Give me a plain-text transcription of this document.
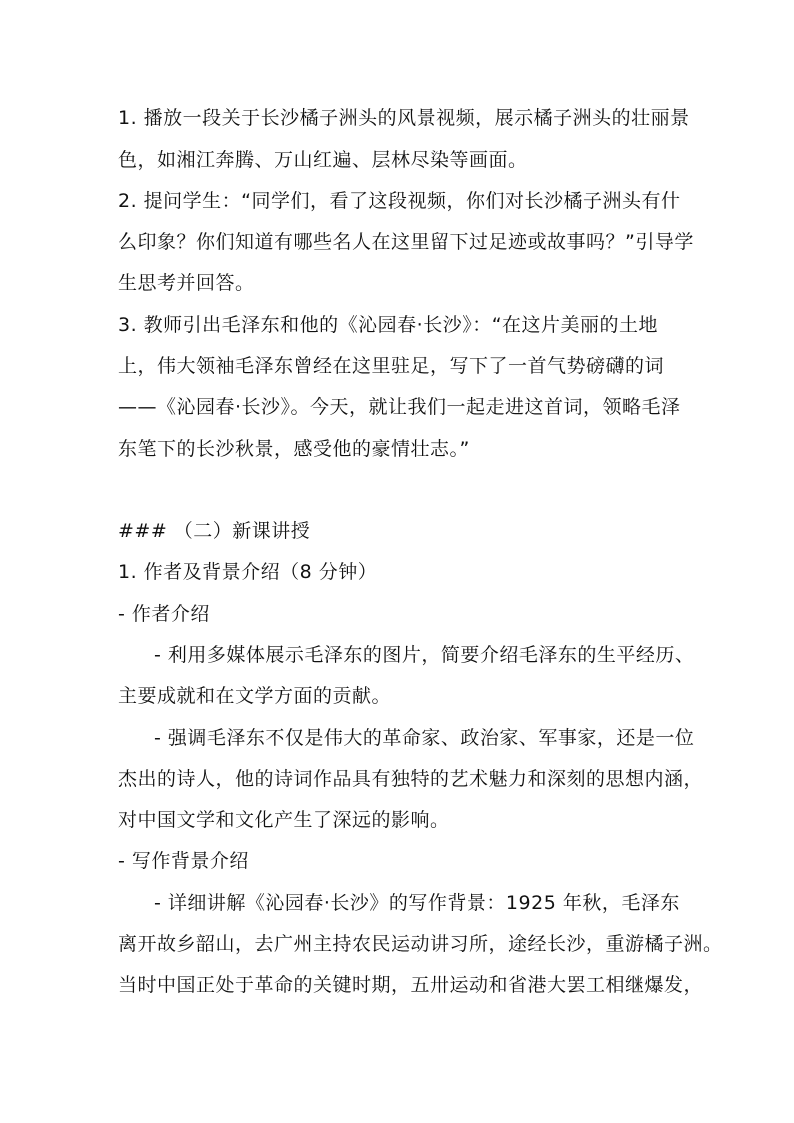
1. 播放一段关于长沙橘子洲头的风景视频，展示橘子洲头的壮丽景
色，如湘江奔腾、万山红遍、层林尽染等画面。
2. 提问学生：“同学们，看了这段视频，你们对长沙橘子洲头有什
么印象？你们知道有哪些名人在这里留下过足迹或故事吗？”引导学
生思考并回答。
3. 教师引出毛泽东和他的《沁园春·长沙》：“在这片美丽的土地
上，伟大领袖毛泽东曾经在这里驻足，写下了一首气势磅礴的词
——《沁园春·长沙》。今天，就让我们一起走进这首词，领略毛泽
东笔下的长沙秋景，感受他的豪情壮志。”
### （二）新课讲授
1. 作者及背景介绍（8 分钟）
- 作者介绍
- 利用多媒体展示毛泽东的图片，简要介绍毛泽东的生平经历、
主要成就和在文学方面的贡献。
- 强调毛泽东不仅是伟大的革命家、政治家、军事家，还是一位
杰出的诗人，他的诗词作品具有独特的艺术魅力和深刻的思想内涵，
对中国文学和文化产生了深远的影响。
- 写作背景介绍
- 详细讲解《沁园春·长沙》的写作背景：1925 年秋，毛泽东
离开故乡韶山，去广州主持农民运动讲习所，途经长沙，重游橘子洲。
当时中国正处于革命的关键时期，五卅运动和省港大罢工相继爆发，
